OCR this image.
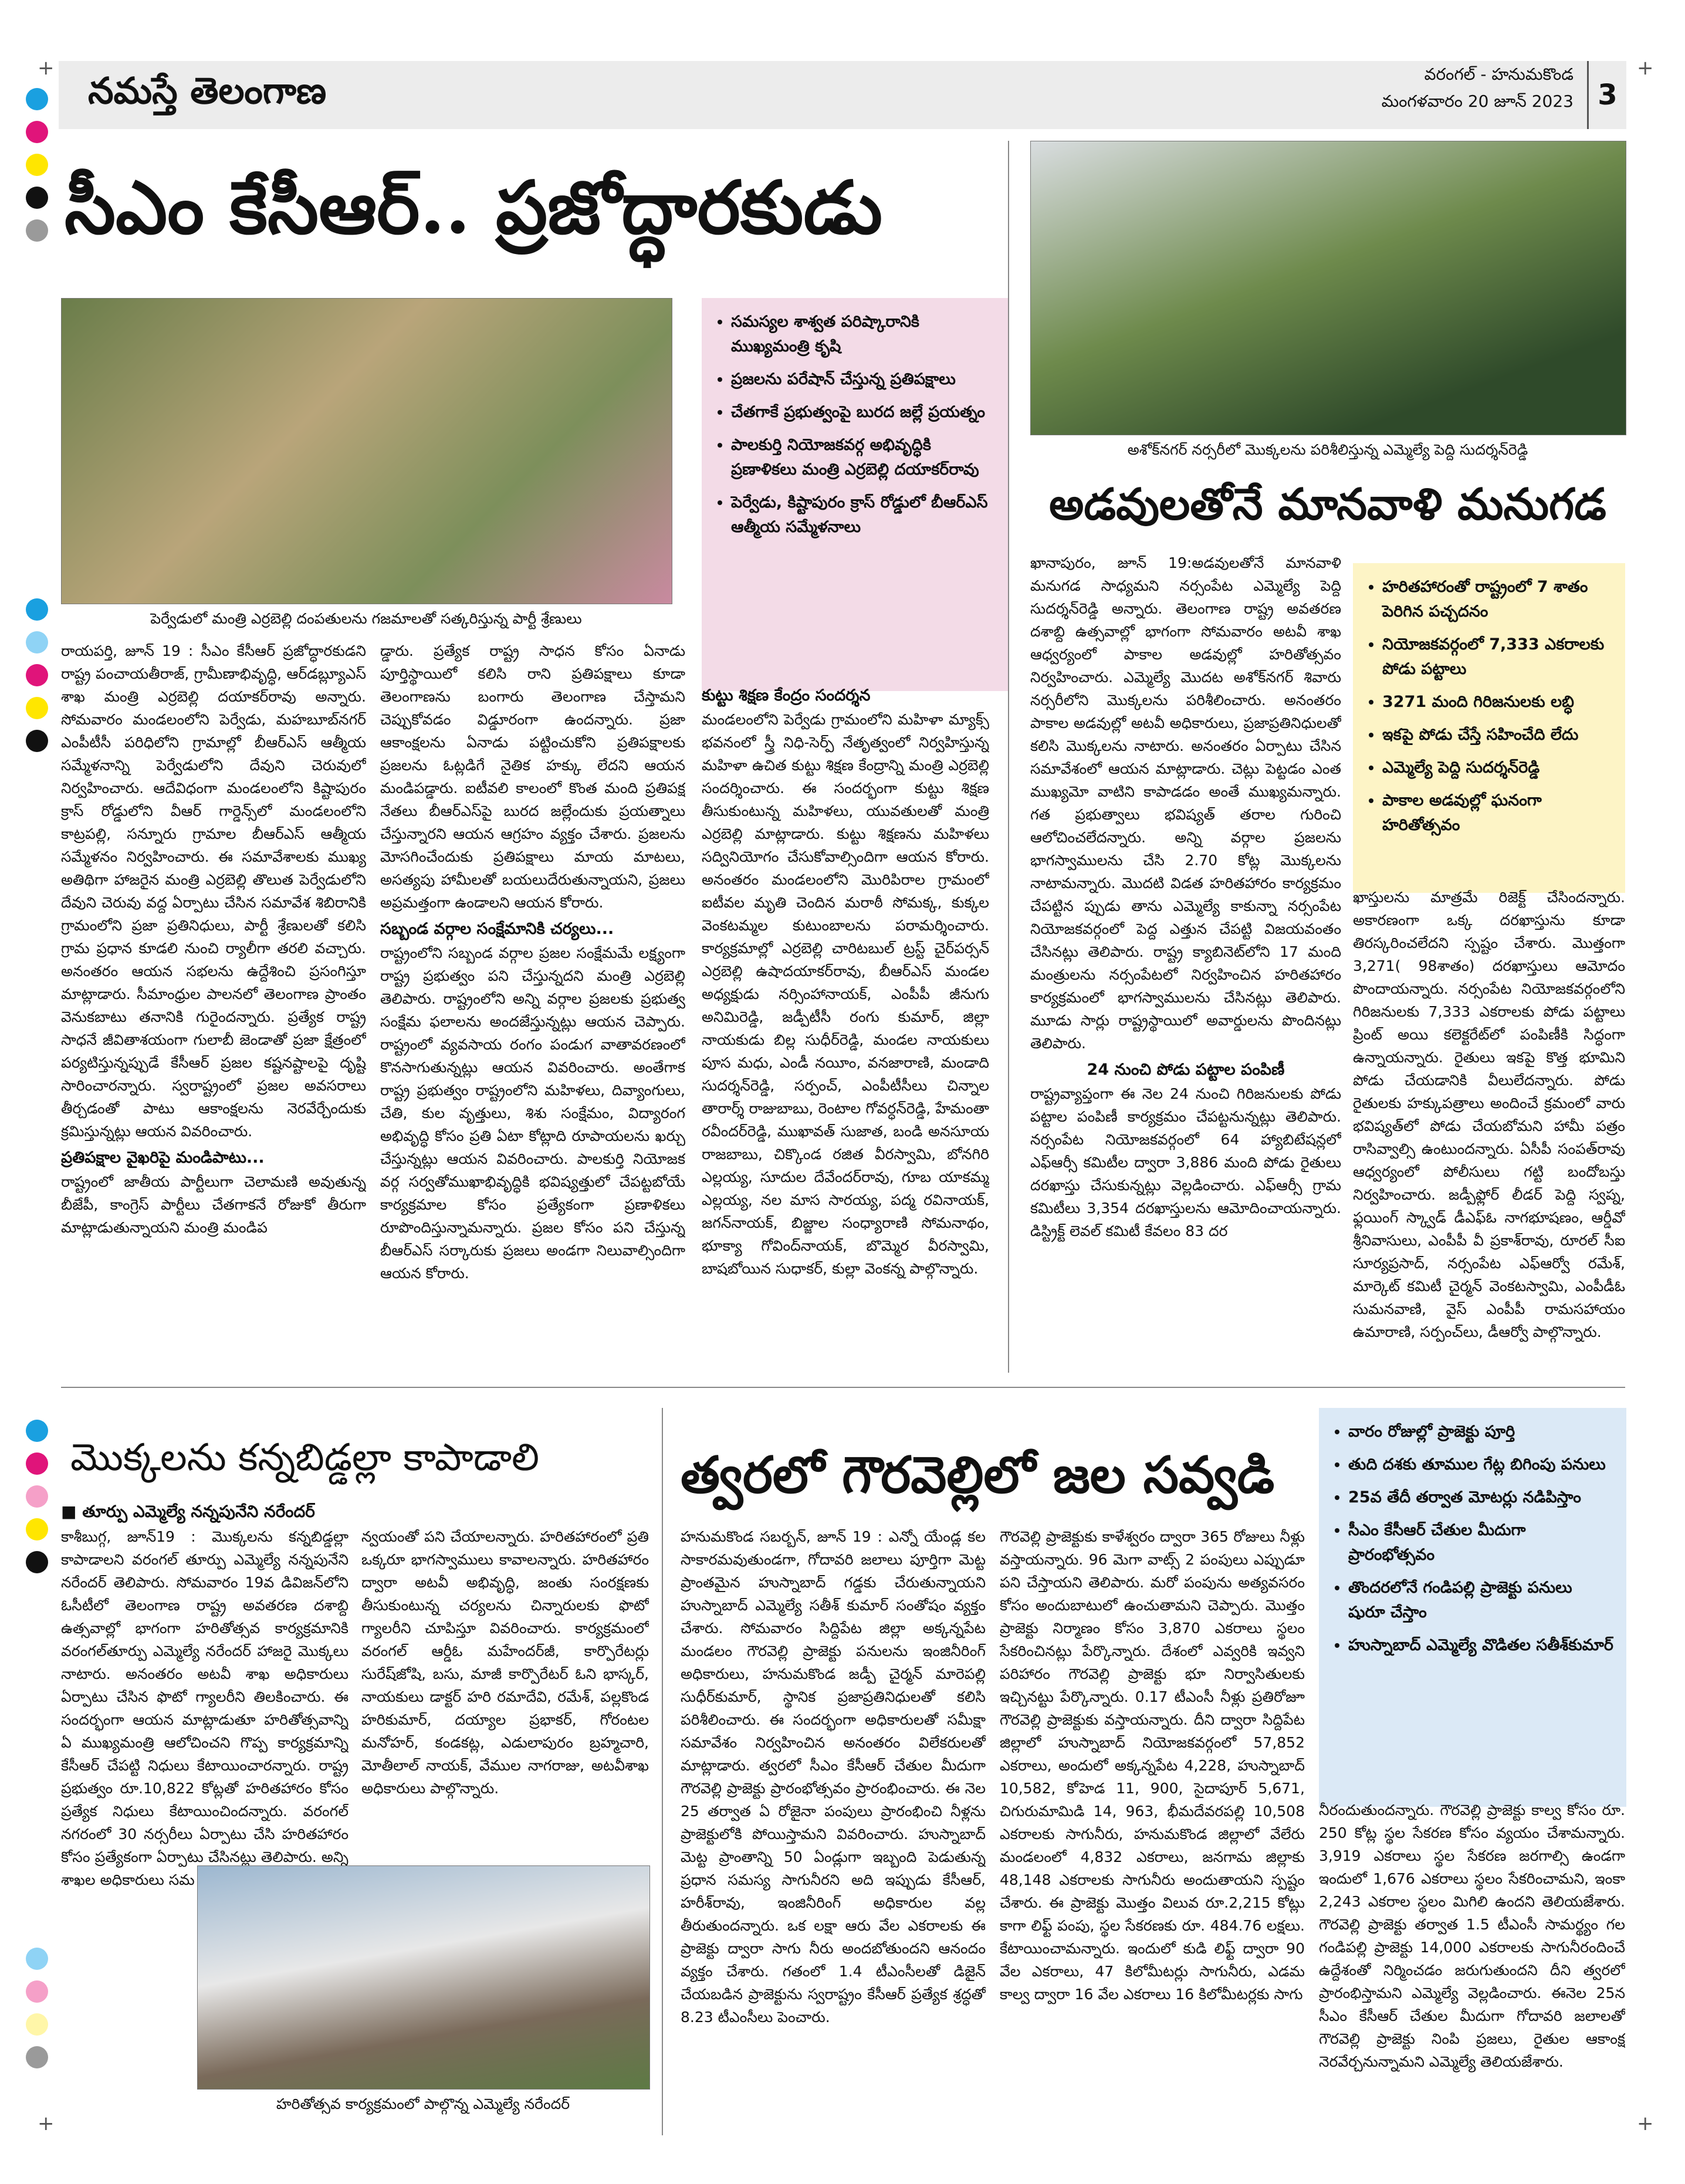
+	+
+	+
నమస్తే తెలంగాణ	వరంగల్ - హనుమకొండ
మంగళవారం 20 జూన్ 2023 3
సీఎం కేసీఆర్.. ప్రజోద్ధారకుడు
పెర్వేడులో మంత్రి ఎర్రబెల్లి దంపతులను గజమాలతో సత్కరిస్తున్న పార్టీ శ్రేణులు
• సమస్యల శాశ్వత పరిష్కారానికి ముఖ్యమంత్రి కృషి
• ప్రజలను పరేషాన్ చేస్తున్న ప్రతిపక్షాలు
• చేతగాకే ప్రభుత్వంపై బురద జల్లే ప్రయత్నం
• పాలకుర్తి నియోజకవర్గ అభివృద్ధికి ప్రణాళికలు మంత్రి ఎర్రబెల్లి దయాకర్‌రావు
• పెర్వేడు, కిష్టాపురం క్రాస్ రోడ్డులో బీఆర్‌ఎస్ ఆత్మీయ సమ్మేళనాలు

రాయపర్తి, జూన్ 19 : సీఎం కేసీఆర్ ప్రజోద్ధారకుడని రాష్ట్ర పంచాయతీరాజ్, గ్రామీణాభివృద్ధి, ఆర్‌డబ్ల్యూఎస్ శాఖ మంత్రి ఎర్రబెల్లి దయాకర్‌రావు అన్నారు. సోమవారం మండలంలోని పెర్వేడు, మహబూబ్‌నగర్ ఎంపీటీసీ పరిధిలోని గ్రామాల్లో బీఆర్‌ఎస్ ఆత్మీయ సమ్మేళనాన్ని పెర్వేడులోని దేవుని చెరువులో నిర్వహించారు. ఆదేవిధంగా మండలంలోని కిష్టాపురం క్రాస్ రోడ్డులోని వీఆర్ గార్డెన్స్‌లో మండలంలోని కాట్రపల్లి, సన్నూరు గ్రామాల బీఆర్‌ఎస్ ఆత్మీయ సమ్మేళనం నిర్వహించారు. ఈ సమావేశాలకు ముఖ్య అతిథిగా హాజరైన మంత్రి ఎర్రబెల్లి తొలుత పెర్వేడులోని దేవుని చెరువు వద్ద ఏర్పాటు చేసిన సమావేశ శిబిరానికి గ్రామంలోని ప్రజా ప్రతినిధులు, పార్టీ శ్రేణులతో కలిసి గ్రామ ప్రధాన కూడలి నుంచి ర్యాలీగా తరలి వచ్చారు. అనంతరం ఆయన సభలను ఉద్దేశించి ప్రసంగిస్తూ మాట్లాడారు. సీమాంధ్రుల పాలనలో తెలంగాణ ప్రాంతం వెనుకబాటు తనానికి గురైందన్నారు. ప్రత్యేక రాష్ట్ర సాధనే జీవితాశయంగా గులాబీ జెండాతో ప్రజా క్షేత్రంలో పర్యటిస్తున్నప్పుడే కేసీఆర్ ప్రజల కష్టనష్టాలపై దృష్టి సారించారన్నారు. స్వరాష్ట్రంలో ప్రజల అవసరాలు తీర్చడంతో పాటు ఆకాంక్షలను నెరవేర్చేందుకు క్రమిస్తున్నట్లు ఆయన వివరించారు.

ప్రతిపక్షాల వైఖరిపై మండిపాటు...

రాష్ట్రంలో జాతీయ పార్టీలుగా చెలామణి అవుతున్న బీజేపీ, కాంగ్రెస్ పార్టీలు చేతగాకనే రోజుకో తీరుగా మాట్లాడుతున్నాయని మంత్రి మండిప

డ్డారు. ప్రత్యేక రాష్ట్ర సాధన కోసం ఏనాడు పూర్తిస్థాయిలో కలిసి రాని ప్రతిపక్షాలు కూడా తెలంగాణను బంగారు తెలంగాణ చేస్తామని చెప్పుకోవడం విడ్డూరంగా ఉందన్నారు. ప్రజా ఆకాంక్షలను ఏనాడు పట్టించుకోని ప్రతిపక్షాలకు ప్రజలను ఓట్లడిగే నైతిక హక్కు లేదని ఆయన మండిపడ్డారు. ఐటీవలి కాలంలో కొంత మంది ప్రతిపక్ష నేతలు బీఆర్‌ఎస్‌పై బురద జల్లేందుకు ప్రయత్నాలు చేస్తున్నారని ఆయన ఆగ్రహం వ్యక్తం చేశారు. ప్రజలను మోసగించేందుకు ప్రతిపక్షాలు మాయ మాటలు, అసత్యపు హామీలతో బయలుదేరుతున్నాయని, ప్రజలు అప్రమత్తంగా ఉండాలని ఆయన కోరారు.

సబ్బండ వర్గాల సంక్షేమానికి చర్యలు...

రాష్ట్రంలోని సబ్బండ వర్గాల ప్రజల సంక్షేమమే లక్ష్యంగా రాష్ట్ర ప్రభుత్వం పని చేస్తున్నదని మంత్రి ఎర్రబెల్లి తెలిపారు. రాష్ట్రంలోని అన్ని వర్గాల ప్రజలకు ప్రభుత్వ సంక్షేమ ఫలాలను అందజేస్తున్నట్లు ఆయన చెప్పారు. రాష్ట్రంలో వ్యవసాయ రంగం పండుగ వాతావరణంలో కొనసాగుతున్నట్లు ఆయన వివరించారు. అంతేగాక రాష్ట్ర ప్రభుత్వం రాష్ట్రంలోని మహిళలు, దివ్యాంగులు, చేతి, కుల వృత్తులు, శిశు సంక్షేమం, విద్యారంగ అభివృద్ధి కోసం ప్రతి ఏటా కోట్లాది రూపాయలను ఖర్చు చేస్తున్నట్లు ఆయన వివరించారు. పాలకుర్తి నియోజక వర్గ సర్వతోముఖాభివృద్ధికి భవిష్యత్తులో చేపట్టబోయే కార్యక్రమాల కోసం ప్రత్యేకంగా ప్రణాళికలు రూపొందిస్తున్నామన్నారు. ప్రజల కోసం పని చేస్తున్న బీఆర్‌ఎస్ సర్కారుకు ప్రజలు అండగా నిలువాల్సిందిగా ఆయన కోరారు.

కుట్టు శిక్షణ కేంద్రం సందర్శన

మండలంలోని పెర్వేడు గ్రామంలోని మహిళా మ్యాక్స్ భవనంలో స్త్రీ నిధి-సెర్ప్ నేతృత్వంలో నిర్వహిస్తున్న మహిళా ఉచిత కుట్టు శిక్షణ కేంద్రాన్ని మంత్రి ఎర్రబెల్లి సందర్శించారు. ఈ సందర్భంగా కుట్టు శిక్షణ తీసుకుంటున్న మహిళలు, యువతులతో మంత్రి ఎర్రబెల్లి మాట్లాడారు. కుట్టు శిక్షణను మహిళలు సద్వినియోగం చేసుకోవాల్సిందిగా ఆయన కోరారు. అనంతరం మండలంలోని మొరిపిరాల గ్రామంలో ఐటీవల మృతి చెందిన మరాఠీ సోమక్క, కుక్కల వెంకటమ్మల కుటుంబాలను పరామర్శించారు. కార్యక్రమాల్లో ఎర్రబెల్లి చారిటబుల్ ట్రస్ట్ చైర్‌పర్సన్ ఎర్రబెల్లి ఉషాదయాకర్‌రావు, బీఆర్‌ఎస్ మండల అధ్యక్షుడు నర్సింహానాయక్, ఎంపీపీ జీనుగు అనిమిరెడ్డి, జడ్పీటీసీ రంగు కుమార్, జిల్లా నాయకుడు బిల్ల సుధీర్‌రెడ్డి, మండల నాయకులు పూస మధు, ఎండీ నయీం, వనజారాణి, మండాది సుదర్శన్‌రెడ్డి, సర్పంచ్, ఎంపీటీసీలు చిన్నాల తారార్శ్ రాజుబాబు, రెంటాల గోవర్ధన్‌రెడ్డి, హేమంతా రవీందర్‌రెడ్డి, ముఖావత్ సుజాత, బండి అనసూయ రాజబాబు, చిక్కొండ రజిత వీరస్వామి, బోనగిరి ఎల్లయ్య, సూదుల దేవేందర్‌రావు, గూబ యాకమ్మ ఎల్లయ్య, నల మాస సారయ్య, పద్మ రవినాయక్, జగన్‌నాయక్, బిజ్జాల సంధ్యారాణి సోమనాథం, భూక్యా గోవింద్‌నాయక్, బొమ్మెర వీరస్వామి, బాషబోయిన సుధాకర్, కుల్లా వెంకన్న పాల్గొన్నారు.

అశోక్‌నగర్ నర్సరీలో మొక్కలను పరిశీలిస్తున్న ఎమ్మెల్యే పెద్ది సుదర్శన్‌రెడ్డి
అడవులతోనే మానవాళి మనుగడ

ఖానాపురం, జూన్ 19:అడవులతోనే మానవాళి మనుగడ సాధ్యమని నర్సంపేట ఎమ్మెల్యే పెద్ది సుదర్శన్‌రెడ్డి అన్నారు. తెలంగాణ రాష్ట్ర అవతరణ దశాబ్ది ఉత్సవాల్లో భాగంగా సోమవారం అటవీ శాఖ ఆధ్వర్యంలో పాకాల అడవుల్లో హరితోత్సవం నిర్వహించారు. ఎమ్మెల్యే మొదట అశోక్‌నగర్ శివారు నర్సరీలోని మొక్కలను పరిశీలించారు. అనంతరం పాకాల అడవుల్లో అటవీ అధికారులు, ప్రజాప్రతినిధులతో కలిసి మొక్కలను నాటారు. అనంతరం ఏర్పాటు చేసిన సమావేశంలో ఆయన మాట్లాడారు. చెట్లు పెట్టడం ఎంత ముఖ్యమో వాటిని కాపాడడం అంతే ముఖ్యమన్నారు. గత ప్రభుత్వాలు భవిష్యత్ తరాల గురించి ఆలోచించలేదన్నారు. అన్ని వర్గాల ప్రజలను భాగస్వాములను చేసి 2.70 కోట్ల మొక్కలను నాటామన్నారు. మొదటి విడత హరితహారం కార్యక్రమం చేపట్టిన ప్పుడు తాను ఎమ్మెల్యే కాకున్నా నర్సంపేట నియోజకవర్గంలో పెద్ద ఎత్తున చేపట్టి విజయవంతం చేసినట్లు తెలిపారు. రాష్ట్ర క్యాబినెట్‌లోని 17 మంది మంత్రులను నర్సంపేటలో నిర్వహించిన హరితహారం కార్యక్రమంలో భాగస్వాములను చేసినట్లు తెలిపారు. మూడు సార్లు రాష్ట్రస్థాయిలో అవార్డులను పొందినట్లు తెలిపారు.

24 నుంచి పోడు పట్టాల పంపిణీ

రాష్ట్రవ్యాప్తంగా ఈ నెల 24 నుంచి గిరిజనులకు పోడు పట్టాల పంపిణీ కార్యక్రమం చేపట్టనున్నట్లు తెలిపారు. నర్సంపేట నియోజకవర్గంలో 64 హ్యాబిటేషన్లలో ఎఫ్‌ఆర్సీ కమిటీల ద్వారా 3,886 మంది పోడు రైతులు దరఖాస్తు చేసుకున్నట్లు వెల్లడించారు. ఎఫ్‌ఆర్సీ గ్రామ కమిటీలు 3,354 దరఖాస్తులను ఆమోదించాయన్నారు. డిస్ట్రిక్ట్ లెవల్ కమిటీ కేవలం 83 దర

• హరితహారంతో రాష్ట్రంలో 7 శాతం పెరిగిన పచ్చదనం
• నియోజకవర్గంలో 7,333 ఎకరాలకు పోడు పట్టాలు
• 3271 మంది గిరిజనులకు లబ్ధి
• ఇకపై పోడు చేస్తే సహించేది లేదు
• ఎమ్మెల్యే పెద్ది సుదర్శన్‌రెడ్డి
• పాకాల అడవుల్లో ఘనంగా హరితోత్సవం

ఖాస్తులను మాత్రమే రిజెక్ట్ చేసిందన్నారు. అకారణంగా ఒక్క దరఖాస్తును కూడా తిరస్కరించలేదని స్పష్టం చేశారు. మొత్తంగా 3,271( 98శాతం) దరఖాస్తులు ఆమోదం పొందాయన్నారు. నర్సంపేట నియోజకవర్గంలోని గిరిజనులకు 7,333 ఎకరాలకు పోడు పట్టాలు ప్రింట్ అయి కలెక్టరేట్‌లో పంపిణీకి సిద్ధంగా ఉన్నాయన్నారు. రైతులు ఇకపై కొత్త భూమిని పోడు చేయడానికి వీలులేదన్నారు. పోడు రైతులకు హక్కుపత్రాలు అందించే క్రమంలో వారు భవిష్యత్‌లో పోడు చేయబోమని హామీ పత్రం రాసివ్వాల్సి ఉంటుందన్నారు. ఏసీపీ సంపత్‌రావు ఆధ్వర్యంలో పోలీసులు గట్టి బందోబస్తు నిర్వహించారు. జడ్పీఫ్లోర్ లీడర్ పెద్ది స్వప్న, ఫ్లయింగ్ స్క్వాడ్ డీఎఫ్‌ఓ నాగభూషణం, ఆర్డీవో శ్రీనివాసులు, ఎంపీపీ వీ ప్రకాశ్‌రావు, రూరల్ సీఐ సూర్యప్రసాద్, నర్సంపేట ఎఫ్‌ఆర్వో రమేశ్, మార్కెట్ కమిటీ చైర్మన్ వెంకటస్వామి, ఎంపీడీఓ సుమనవాణి, వైస్ ఎంపీపీ రామసహాయం ఉమారాణి, సర్పంచ్‌లు, డీఆర్వో పాల్గొన్నారు.

మొక్కలను కన్నబిడ్డల్లా కాపాడాలి
■ తూర్పు ఎమ్మెల్యే నన్నపునేని నరేందర్

కాశీబుగ్గ, జూన్19 : మొక్కలను కన్నబిడ్డల్లా కాపాడాలని వరంగల్ తూర్పు ఎమ్మెల్యే నన్నపునేని నరేందర్ తెలిపారు. సోమవారం 19వ డివిజన్‌లోని ఓసీటీలో తెలంగాణ రాష్ట్ర అవతరణ దశాబ్ది ఉత్సవాల్లో భాగంగా హరితోత్సవ కార్యక్రమానికి వరంగల్‌తూర్పు ఎమ్మెల్యే నరేందర్ హాజరై మొక్కలు నాటారు. అనంతరం అటవీ శాఖ అధికారులు ఏర్పాటు చేసిన ఫొటో గ్యాలరీని తిలకించారు. ఈ సందర్భంగా ఆయన మాట్లాడుతూ హరితోత్సవాన్ని ఏ ముఖ్యమంత్రి ఆలోచించని గొప్ప కార్యక్రమాన్ని కేసీఆర్ చేపట్టి నిధులు కేటాయించారన్నారు. రాష్ట్ర ప్రభుత్వం రూ.10,822 కోట్లతో హరితహారం కోసం ప్రత్యేక నిధులు కేటాయించిందన్నారు. వరంగల్ నగరంలో 30 నర్సరీలు ఏర్పాటు చేసి హరితహారం కోసం ప్రత్యేకంగా ఏర్పాటు చేసినట్లు తెలిపారు. అన్ని శాఖల అధికారులు సమ

న్వయంతో పని చేయాలన్నారు. హరితహారంలో ప్రతి ఒక్కరూ భాగస్వాములు కావాలన్నారు. హరితహారం ద్వారా అటవీ అభివృద్ధి, జంతు సంరక్షణకు తీసుకుంటున్న చర్యలను చిన్నారులకు ఫొటో గ్యాలరీని చూపిస్తూ వివరించారు. కార్యక్రమంలో వరంగల్ ఆర్డీఓ మహేందర్‌జీ, కార్పొరేటర్లు సురేష్‌జోషి, బసు, మాజీ కార్పొరేటర్ ఓని భాస్కర్, నాయకులు డాక్టర్ హరి రమాదేవి, రమేశ్, పల్లకొండ హరికుమార్, దయ్యాల ప్రభాకర్, గోరంటల మనోహర్, కండకట్ల, ఎడులాపురం బ్రహ్మచారి, మోతీలాల్ నాయక్, వేముల నాగరాజు, అటవీశాఖ అధికారులు పాల్గొన్నారు.

హరితోత్సవ కార్యక్రమంలో పాల్గొన్న ఎమ్మెల్యే నరేందర్
త్వరలో గౌరవెల్లిలో జల సవ్వడి

హనుమకొండ సబర్బన్, జూన్ 19 : ఎన్నో యేండ్ల కల సాకారమవుతుండగా, గోదావరి జలాలు పూర్తిగా మెట్ట ప్రాంతమైన హుస్నాబాద్ గడ్డకు చేరుతున్నాయని హుస్నాబాద్ ఎమ్మెల్యే సతీశ్ కుమార్ సంతోషం వ్యక్తం చేశారు. సోమవారం సిద్దిపేట జిల్లా అక్కన్నపేట మండలం గౌరవెల్లి ప్రాజెక్టు పనులను ఇంజినీరింగ్ అధికారులు, హనుమకొండ జడ్పీ చైర్మన్ మారెపల్లి సుధీర్‌కుమార్, స్థానిక ప్రజాప్రతినిధులతో కలిసి పరిశీలించారు. ఈ సందర్భంగా అధికారులతో సమీక్షా సమావేశం నిర్వహించిన అనంతరం విలేకరులతో మాట్లాడారు. త్వరలో సీఎం కేసీఆర్ చేతుల మీదుగా గౌరవెల్లి ప్రాజెక్టు ప్రారంభోత్సవం ప్రారంభించారు. ఈ నెల 25 తర్వాత ఏ రోజైనా పంపులు ప్రారంభించి నీళ్లను ప్రాజెక్టులోకి పోయిస్తామని వివరించారు. హుస్నాబాద్ మెట్ట ప్రాంతాన్ని 50 ఏండ్లుగా ఇబ్బంది పెడుతున్న ప్రధాన సమస్య సాగునీరని అది ఇప్పుడు కేసీఆర్, హరీశ్‌రావు, ఇంజినీరింగ్ అధికారుల వల్ల తీరుతుందన్నారు. ఒక లక్షా ఆరు వేల ఎకరాలకు ఈ ప్రాజెక్టు ద్వారా సాగు నీరు అందబోతుందని ఆనందం వ్యక్తం చేశారు. గతంలో 1.4 టీఎంసీలతో డిజైన్ చేయబడిన ప్రాజెక్టును స్వరాష్ట్రం కేసీఆర్ ప్రత్యేక శ్రద్ధతో 8.23 టీఎంసీలు పెంచారు.

గౌరవెల్లి ప్రాజెక్టుకు కాళేశ్వరం ద్వారా 365 రోజులు నీళ్లు వస్తాయన్నారు. 96 మెగా వాట్స్ 2 పంపులు ఎప్పుడూ పని చేస్తాయని తెలిపారు. మరో పంపును అత్యవసరం కోసం అందుబాటులో ఉంచుతామని చెప్పారు. మొత్తం ప్రాజెక్టు నిర్మాణం కోసం 3,870 ఎకరాలు స్థలం సేకరించినట్లు పేర్కొన్నారు. దేశంలో ఎవ్వరికి ఇవ్వని పరిహారం గౌరవెల్లి ప్రాజెక్టు భూ నిర్వాసితులకు ఇచ్చినట్టు పేర్కొన్నారు. 0.17 టీఎంసీ నీళ్లు ప్రతిరోజూ గౌరవెల్లి ప్రాజెక్టుకు వస్తాయన్నారు. దీని ద్వారా సిద్దిపేట జిల్లాలో హుస్నాబాద్ నియోజకవర్గంలో 57,852 ఎకరాలు, అందులో అక్కన్నపేట 4,228, హుస్నాబాద్ 10,582, కోహెడ 11, 900, సైదాపూర్ 5,671, చిగురుమామిడి 14, 963, భీమదేవరపల్లి 10,508 ఎకరాలకు సాగునీరు, హనుమకొండ జిల్లాలో వేలేరు మండలంలో 4,832 ఎకరాలు, జనగామ జిల్లాకు 48,148 ఎకరాలకు సాగునీరు అందుతాయని స్పష్టం చేశారు. ఈ ప్రాజెక్టు మొత్తం విలువ రూ.2,215 కోట్లు కాగా లిఫ్ట్ పంపు, స్థల సేకరణకు రూ. 484.76 లక్షలు. కేటాయించామన్నారు. ఇందులో కుడి లిఫ్ట్ ద్వారా 90 వేల ఎకరాలు, 47 కిలోమీటర్లు సాగునీరు, ఎడమ కాల్వ ద్వారా 16 వేల ఎకరాలు 16 కిలోమీటర్లకు సాగు

• వారం రోజుల్లో ప్రాజెక్టు పూర్తి
• తుది దశకు తూముల గేట్ల బిగింపు పనులు
• 25వ తేదీ తర్వాత మోటర్లు నడిపిస్తాం
• సీఎం కేసీఆర్ చేతుల మీదుగా ప్రారంభోత్సవం
• తొందరలోనే గండిపల్లి ప్రాజెక్టు పనులు షురూ చేస్తాం
• హుస్నాబాద్ ఎమ్మెల్యే వొడితల సతీశ్‌కుమార్

నీరందుతుందన్నారు. గౌరవెల్లి ప్రాజెక్టు కాల్వ కోసం రూ. 250 కోట్ల స్థల సేకరణ కోసం వ్యయం చేశామన్నారు. 3,919 ఎకరాలు స్థల సేకరణ జరగాల్సి ఉండగా ఇందులో 1,676 ఎకరాలు స్థలం సేకరించామని, ఇంకా 2,243 ఎకరాల స్థలం మిగిలి ఉందని తెలియజేశారు. గౌరవెల్లి ప్రాజెక్టు తర్వాత 1.5 టీఎంసీ సామర్థ్యం గల గండిపల్లి ప్రాజెక్టు 14,000 ఎకరాలకు సాగునీరందించే ఉద్దేశంతో నిర్మించడం జరుగుతుందని దీని త్వరలో ప్రారంభిస్తామని ఎమ్మెల్యే వెల్లడించారు. ఈనెల 25న సీఎం కేసీఆర్ చేతుల మీదుగా గోదావరి జలాలతో గౌరవెల్లి ప్రాజెక్టు నింపి ప్రజలు, రైతుల ఆకాంక్ష నెరవేర్చనున్నామని ఎమ్మెల్యే తెలియజేశారు.
